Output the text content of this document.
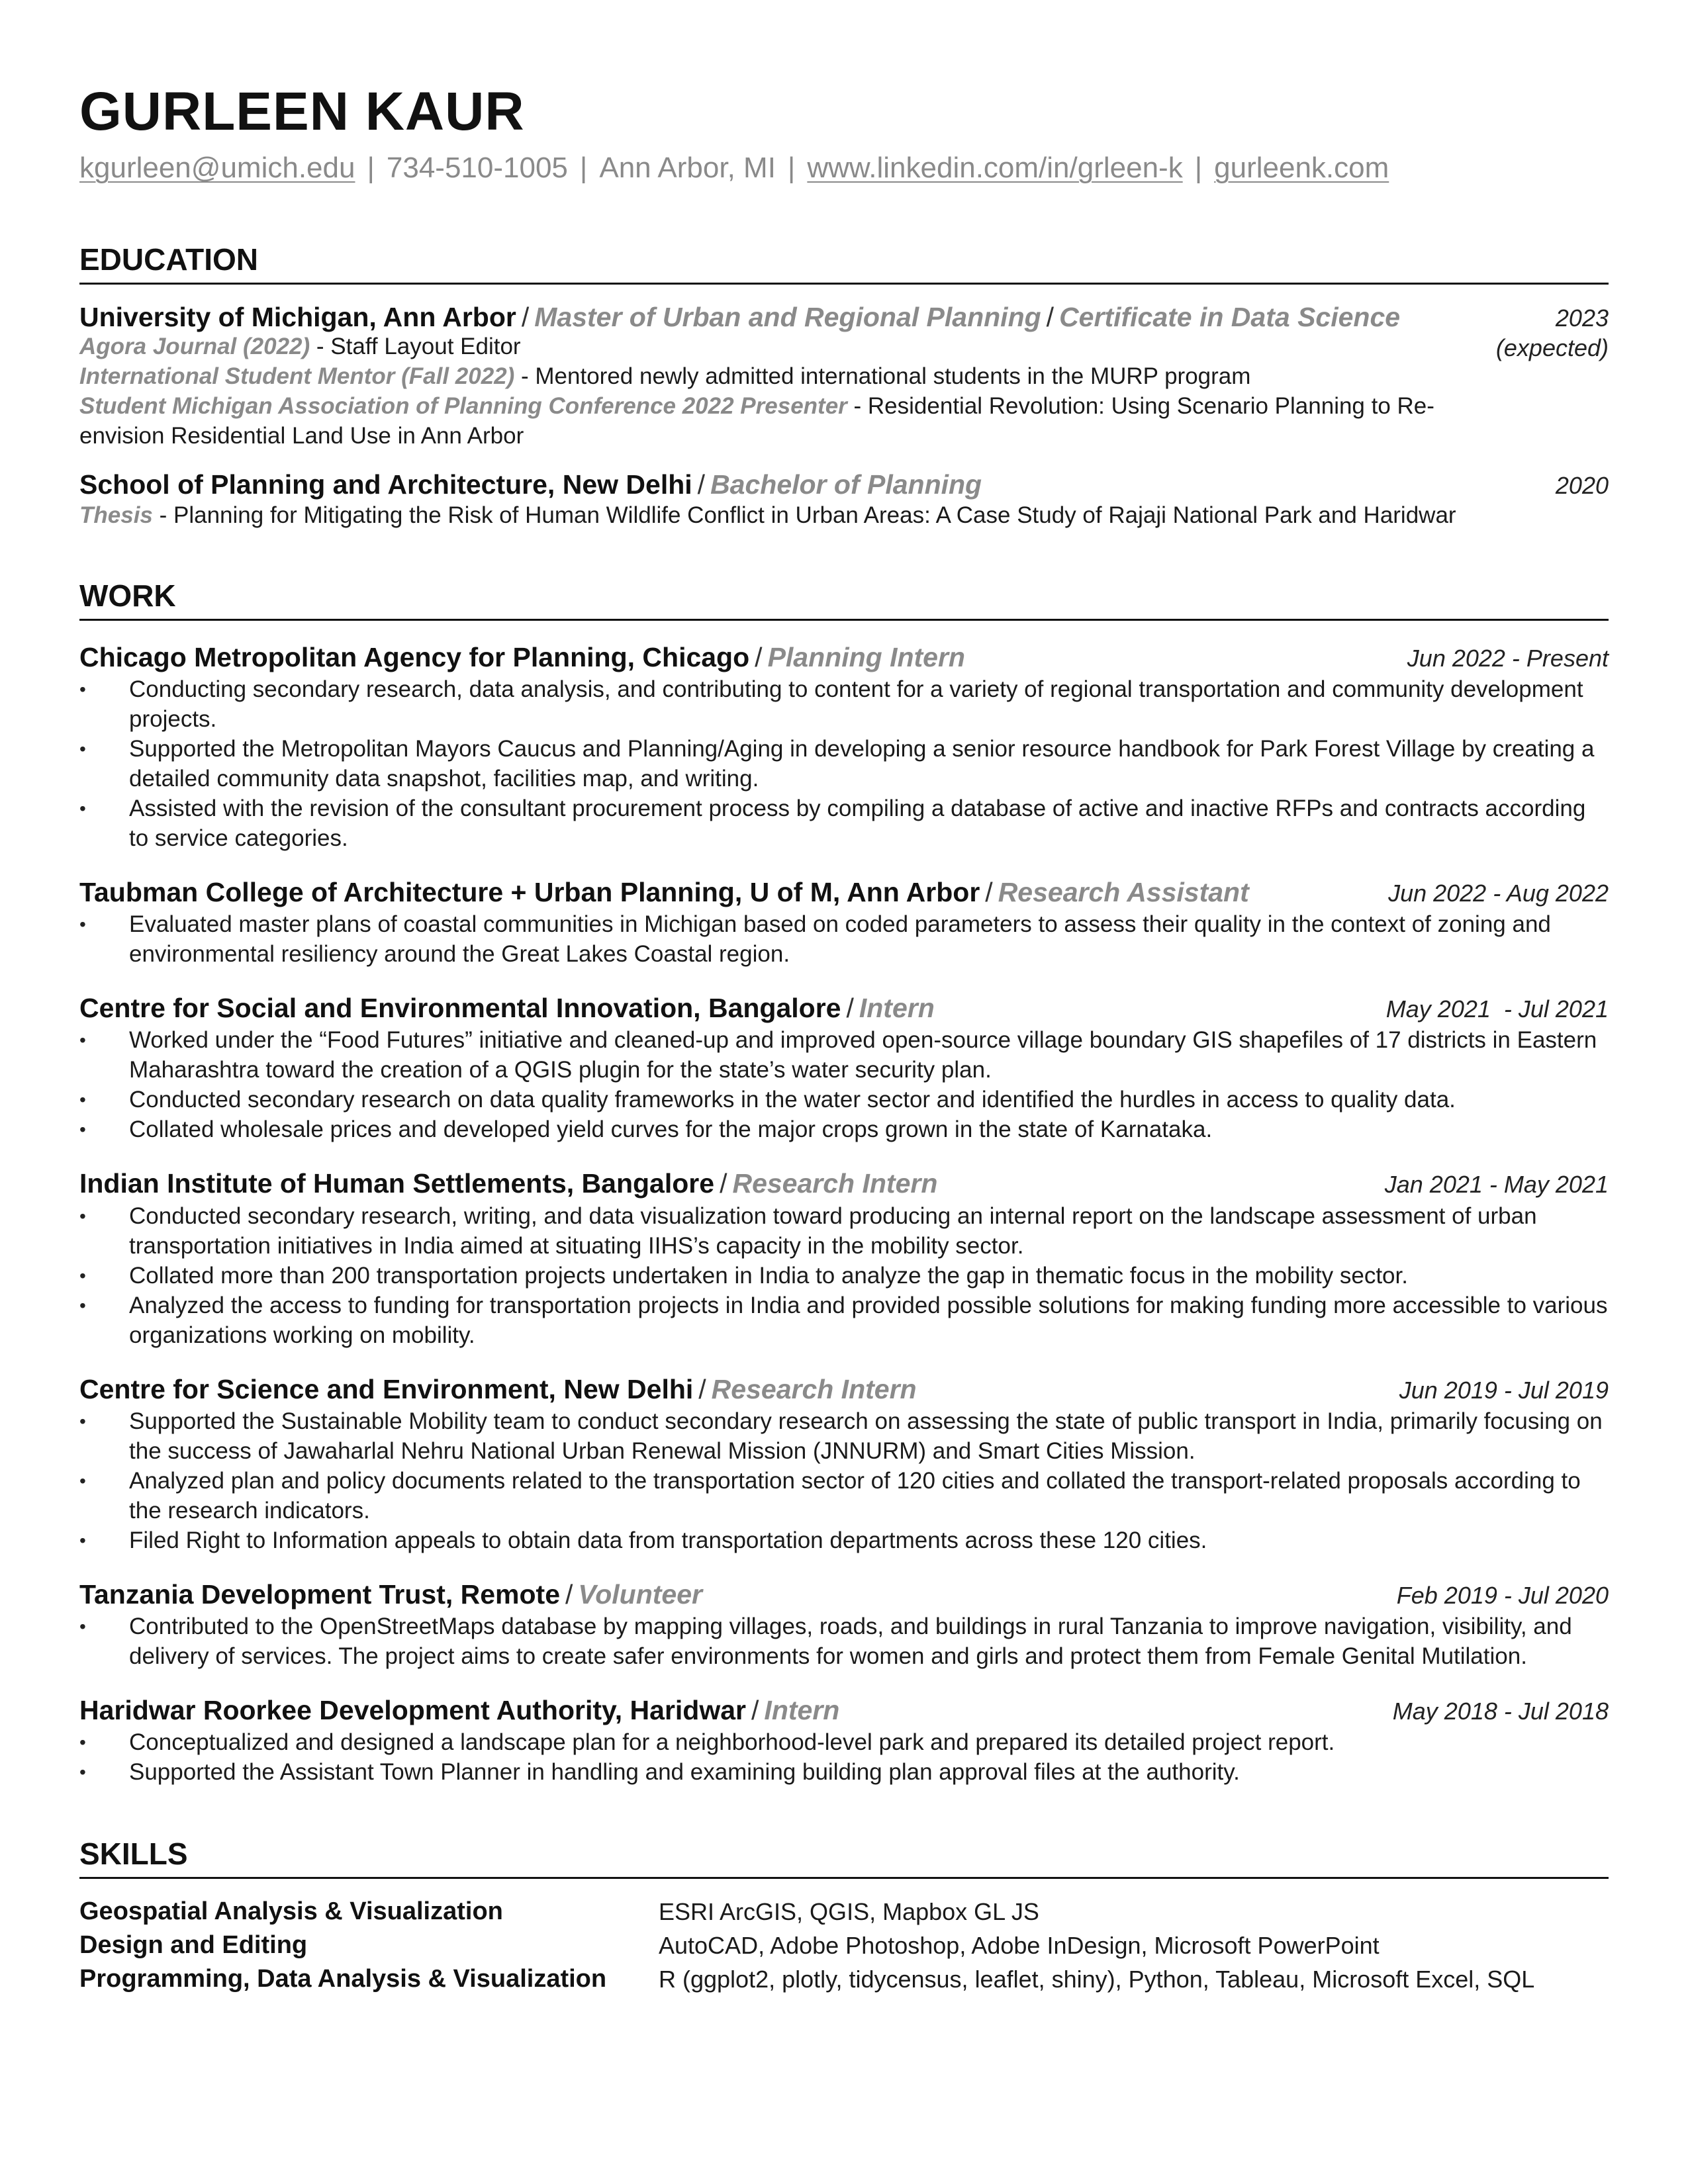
GURLEEN KAUR
kgurleen@umich.edu | 734-510-1005 | Ann Arbor, MI | www.linkedin.com/in/grleen-k | gurleenk.com
EDUCATION
University of Michigan, Ann Arbor / Master of Urban and Regional Planning / Certificate in Data Science	2023
(expected)
Agora Journal (2022) - Staff Layout Editor
International Student Mentor (Fall 2022) - Mentored newly admitted international students in the MURP program
Student Michigan Association of Planning Conference 2022 Presenter - Residential Revolution: Using Scenario Planning to Re-envision Residential Land Use in Ann Arbor
School of Planning and Architecture, New Delhi / Bachelor of Planning	2020
Thesis - Planning for Mitigating the Risk of Human Wildlife Conflict in Urban Areas: A Case Study of Rajaji National Park and Haridwar
WORK
Chicago Metropolitan Agency for Planning, Chicago / Planning Intern	Jun 2022 - Present
• Conducting secondary research, data analysis, and contributing to content for a variety of regional transportation and community development projects.
• Supported the Metropolitan Mayors Caucus and Planning/Aging in developing a senior resource handbook for Park Forest Village by creating a detailed community data snapshot, facilities map, and writing.
• Assisted with the revision of the consultant procurement process by compiling a database of active and inactive RFPs and contracts according to service categories.
Taubman College of Architecture + Urban Planning, U of M, Ann Arbor / Research Assistant	Jun 2022 - Aug 2022
• Evaluated master plans of coastal communities in Michigan based on coded parameters to assess their quality in the context of zoning and environmental resiliency around the Great Lakes Coastal region.
Centre for Social and Environmental Innovation, Bangalore / Intern	May 2021  - Jul 2021
• Worked under the “Food Futures” initiative and cleaned-up and improved open-source village boundary GIS shapefiles of 17 districts in Eastern Maharashtra toward the creation of a QGIS plugin for the state’s water security plan.
• Conducted secondary research on data quality frameworks in the water sector and identified the hurdles in access to quality data.
• Collated wholesale prices and developed yield curves for the major crops grown in the state of Karnataka.
Indian Institute of Human Settlements, Bangalore / Research Intern	Jan 2021 - May 2021
• Conducted secondary research, writing, and data visualization toward producing an internal report on the landscape assessment of urban transportation initiatives in India aimed at situating IIHS’s capacity in the mobility sector.
• Collated more than 200 transportation projects undertaken in India to analyze the gap in thematic focus in the mobility sector.
• Analyzed the access to funding for transportation projects in India and provided possible solutions for making funding more accessible to various organizations working on mobility.
Centre for Science and Environment, New Delhi / Research Intern	Jun 2019 - Jul 2019
• Supported the Sustainable Mobility team to conduct secondary research on assessing the state of public transport in India, primarily focusing on the success of Jawaharlal Nehru National Urban Renewal Mission (JNNURM) and Smart Cities Mission.
• Analyzed plan and policy documents related to the transportation sector of 120 cities and collated the transport-related proposals according to the research indicators.
• Filed Right to Information appeals to obtain data from transportation departments across these 120 cities.
Tanzania Development Trust, Remote / Volunteer	Feb 2019 - Jul 2020
• Contributed to the OpenStreetMaps database by mapping villages, roads, and buildings in rural Tanzania to improve navigation, visibility, and delivery of services. The project aims to create safer environments for women and girls and protect them from Female Genital Mutilation.
Haridwar Roorkee Development Authority, Haridwar / Intern	May 2018 - Jul 2018
• Conceptualized and designed a landscape plan for a neighborhood-level park and prepared its detailed project report.
• Supported the Assistant Town Planner in handling and examining building plan approval files at the authority.
SKILLS
Geospatial Analysis & Visualization	ESRI ArcGIS, QGIS, Mapbox GL JS
Design and Editing	AutoCAD, Adobe Photoshop, Adobe InDesign, Microsoft PowerPoint
Programming, Data Analysis & Visualization	R (ggplot2, plotly, tidycensus, leaflet, shiny), Python, Tableau, Microsoft Excel, SQL
